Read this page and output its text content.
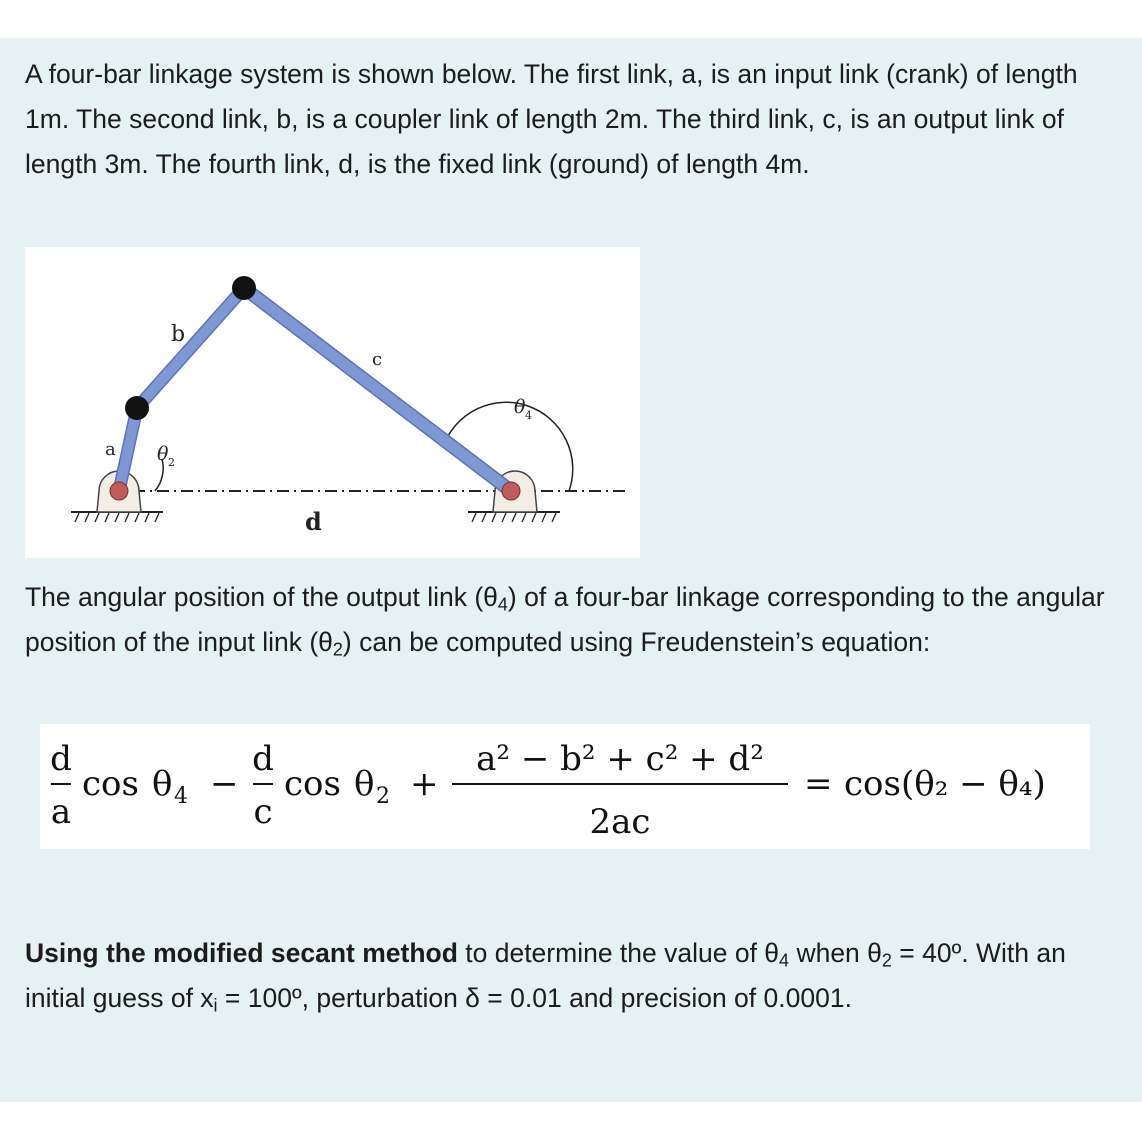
A four-bar linkage system is shown below. The first link, a, is an input link (crank) of length 1m. The second link, b, is a coupler link of length 2m. The third link, c, is an output link of length 3m. The fourth link, d, is the fixed link (ground) of length 4m.

a
b
c
d
θ 2
θ 4

The angular position of the output link $(\theta_4)$ of a four-bar linkage corresponding to the angular position of the input link $(\theta_2)$ can be computed using Freudenstein’s equation:

d
a
cos θ 4 −
d
c
cos θ 2 +
a² − b² + c² + d²
2ac
= cos(θ₂ − θ₄)

Using the modified secant method to determine the value of $\theta_4$ when $\theta_2$ = 40º. With an initial guess of $x_i$ = 100º, perturbation δ = 0.01 and precision of 0.0001.
